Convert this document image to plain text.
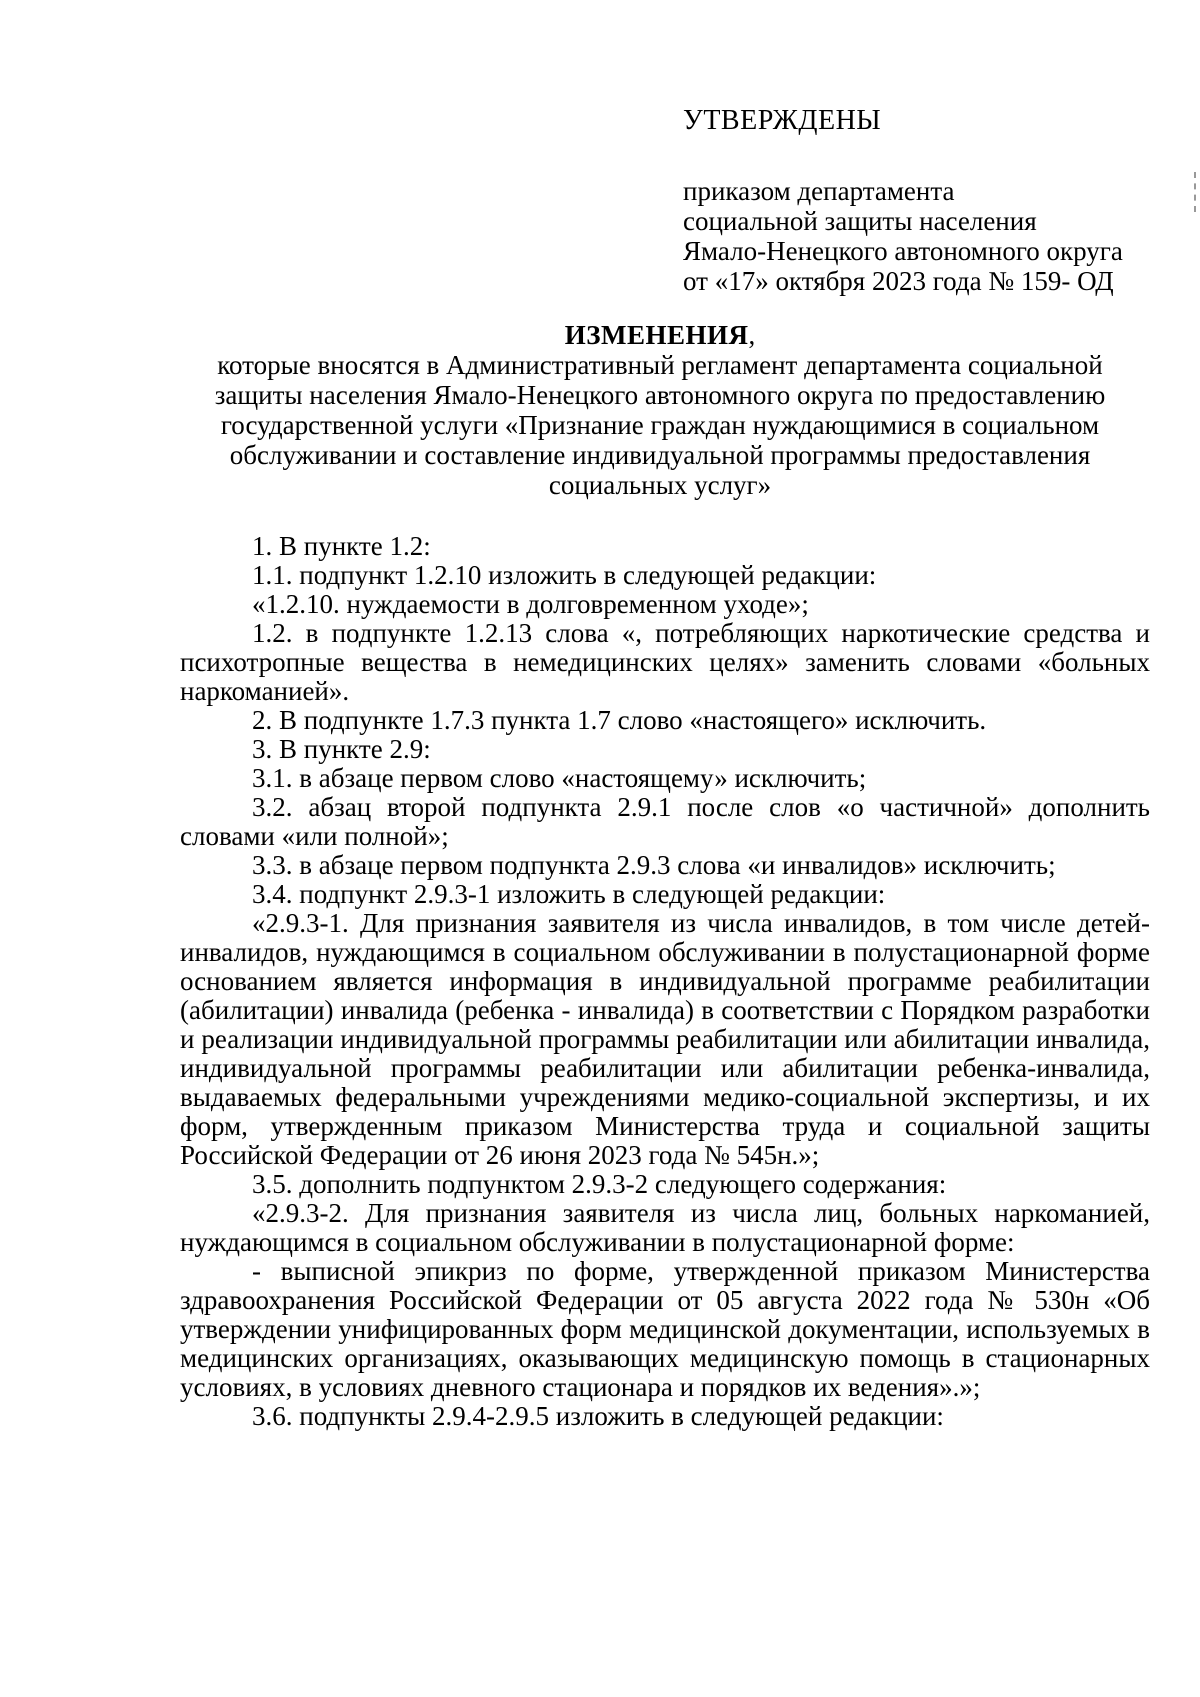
УТВЕРЖДЕНЫ
приказом департамента
социальной защиты населения
Ямало-Ненецкого автономного округа
от «17» октября 2023 года № 159- ОД
ИЗМЕНЕНИЯ,
которые вносятся в Административный регламент департамента социальной защиты населения Ямало-Ненецкого автономного округа по предоставлению государственной услуги «Признание граждан нуждающимися в социальном обслуживании и составление индивидуальной программы предоставления социальных услуг»

1. В пункте 1.2:

1.1. подпункт 1.2.10 изложить в следующей редакции:

«1.2.10. нуждаемости в долговременном уходе»;

1.2. в подпункте 1.2.13 слова «, потребляющих наркотические средства и психотропные вещества в немедицинских целях» заменить словами «больных наркоманией».

2. В подпункте 1.7.3 пункта 1.7 слово «настоящего» исключить.

3. В пункте 2.9:

3.1. в абзаце первом слово «настоящему» исключить;

3.2. абзац второй подпункта 2.9.1 после слов «о частичной» дополнить словами «или полной»;

3.3. в абзаце первом подпункта 2.9.3 слова «и инвалидов» исключить;

3.4. подпункт 2.9.3-1 изложить в следующей редакции:

«2.9.3-1. Для признания заявителя из числа инвалидов, в том числе детей-инвалидов, нуждающимся в социальном обслуживании в полустационарной форме основанием является информация в индивидуальной программе реабилитации (абилитации) инвалида (ребенка - инвалида) в соответствии с Порядком разработки и реализации индивидуальной программы реабилитации или абилитации инвалида, индивидуальной программы реабилитации или абилитации ребенка-инвалида, выдаваемых федеральными учреждениями медико-социальной экспертизы, и их форм, утвержденным приказом Министерства труда и социальной защиты Российской Федерации от 26 июня 2023 года № 545н.»;

3.5. дополнить подпунктом 2.9.3-2 следующего содержания:

«2.9.3-2. Для признания заявителя из числа лиц, больных наркоманией, нуждающимся в социальном обслуживании в полустационарной форме:

- выписной эпикриз по форме, утвержденной приказом Министерства здравоохранения Российской Федерации от 05 августа 2022 года № 530н «Об утверждении унифицированных форм медицинской документации, используемых в медицинских организациях, оказывающих медицинскую помощь в стационарных условиях, в условиях дневного стационара и порядков их ведения».»;

3.6. подпункты 2.9.4-2.9.5 изложить в следующей редакции:
